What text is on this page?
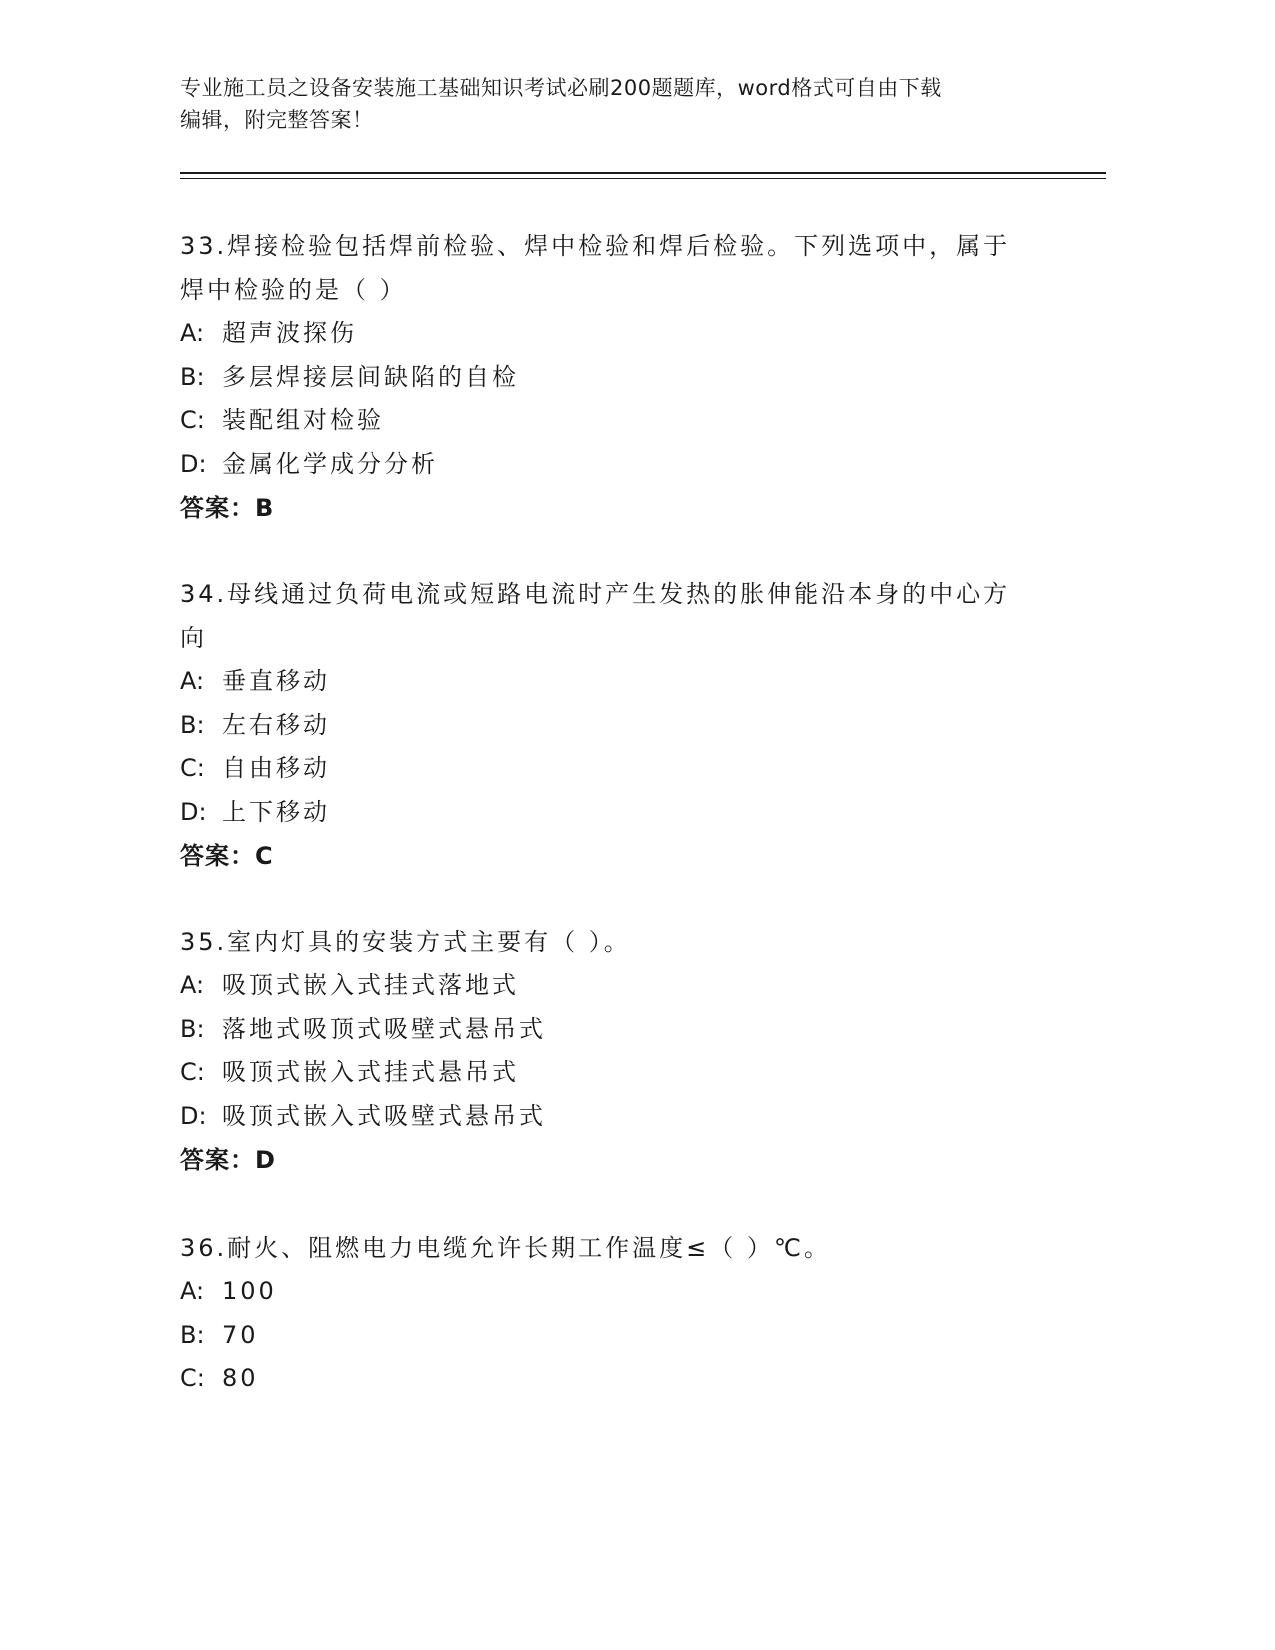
专业施工员之设备安装施工基础知识考试必刷200题题库，word格式可自由下载
编辑，附完整答案！

33.焊接检验包括焊前检验、焊中检验和焊后检验。下列选项中，属于

焊中检验的是（ ）

A: 超声波探伤

B: 多层焊接层间缺陷的自检

C: 装配组对检验

D: 金属化学成分分析

答案：B

34.母线通过负荷电流或短路电流时产生发热的胀伸能沿本身的中心方

向

A: 垂直移动

B: 左右移动

C: 自由移动

D: 上下移动

答案：C

35.室内灯具的安装方式主要有（ ）。

A: 吸顶式嵌入式挂式落地式

B: 落地式吸顶式吸壁式悬吊式

C: 吸顶式嵌入式挂式悬吊式

D: 吸顶式嵌入式吸壁式悬吊式

答案：D

36.耐火、阻燃电力电缆允许长期工作温度≤（ ）℃。

A: 100

B: 70

C: 80
